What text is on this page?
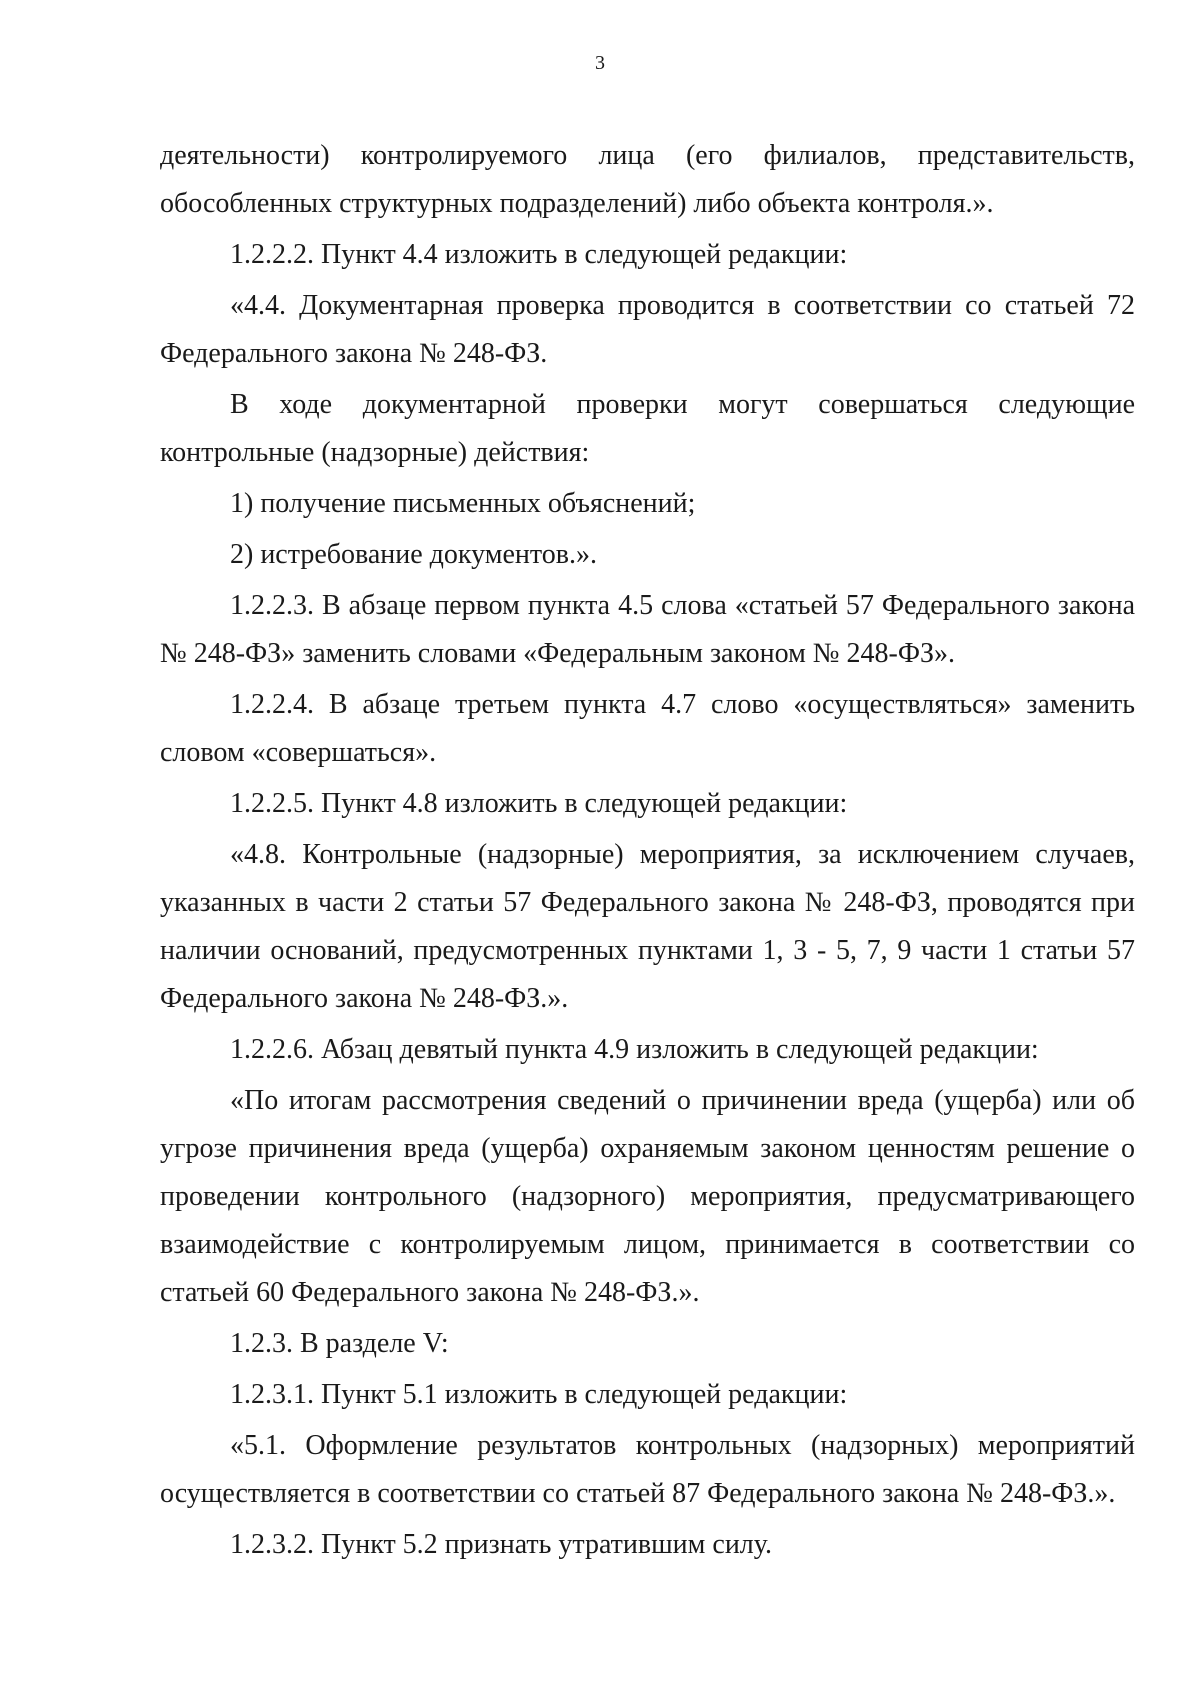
3

деятельности) контролируемого лица (его филиалов, представительств, обособленных структурных подразделений) либо объекта контроля.».

1.2.2.2. Пункт 4.4 изложить в следующей редакции:

«4.4. Документарная проверка проводится в соответствии со статьей 72 Федерального закона № 248-ФЗ.

В ходе документарной проверки могут совершаться следующие контрольные (надзорные) действия:

1) получение письменных объяснений;

2) истребование документов.».

1.2.2.3. В абзаце первом пункта 4.5 слова «статьей 57 Федерального закона № 248-ФЗ» заменить словами «Федеральным законом № 248-ФЗ».

1.2.2.4. В абзаце третьем пункта 4.7 слово «осуществляться» заменить словом «совершаться».

1.2.2.5. Пункт 4.8 изложить в следующей редакции:

«4.8. Контрольные (надзорные) мероприятия, за исключением случаев, указанных в части 2 статьи 57 Федерального закона № 248-ФЗ, проводятся при наличии оснований, предусмотренных пунктами 1, 3 - 5, 7, 9 части 1 статьи 57 Федерального закона № 248-ФЗ.».

1.2.2.6. Абзац девятый пункта 4.9 изложить в следующей редакции:

«По итогам рассмотрения сведений о причинении вреда (ущерба) или об угрозе причинения вреда (ущерба) охраняемым законом ценностям решение о проведении контрольного (надзорного) мероприятия, предусматривающего взаимодействие с контролируемым лицом, принимается в соответствии со статьей 60 Федерального закона № 248-ФЗ.».

1.2.3. В разделе V:

1.2.3.1. Пункт 5.1 изложить в следующей редакции:

«5.1. Оформление результатов контрольных (надзорных) мероприятий осуществляется в соответствии со статьей 87 Федерального закона № 248-ФЗ.».

1.2.3.2. Пункт 5.2 признать утратившим силу.
